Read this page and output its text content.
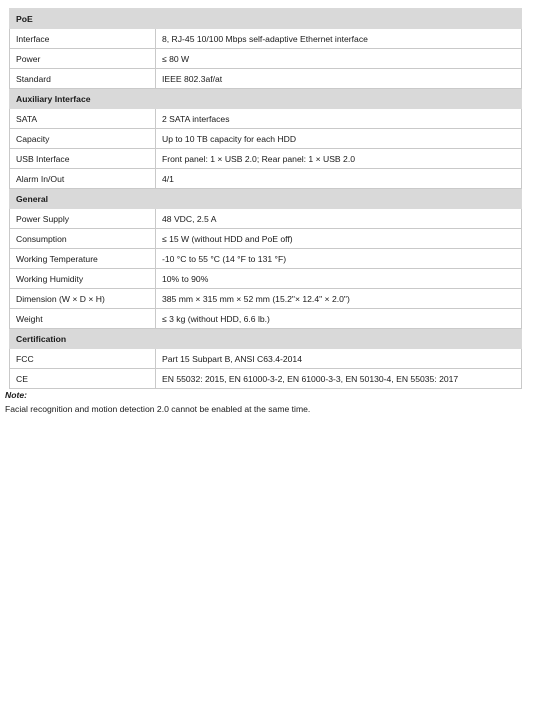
PoE	
Interface	8, RJ-45 10/100 Mbps self-adaptive Ethernet interface
Power	≤ 80 W
Standard	IEEE 802.3af/at
Auxiliary Interface	
SATA	2 SATA interfaces
Capacity	Up to 10 TB capacity for each HDD
USB Interface	Front panel: 1 × USB 2.0; Rear panel: 1 × USB 2.0
Alarm In/Out	4/1
General	
Power Supply	48 VDC, 2.5 A
Consumption	≤ 15 W (without HDD and PoE off)
Working Temperature	-10 °C to 55 °C (14 °F to 131 °F)
Working Humidity	10% to 90%
Dimension (W × D × H)	385 mm × 315 mm × 52 mm (15.2"× 12.4" × 2.0")
Weight	≤ 3 kg (without HDD, 6.6 lb.)
Certification	
FCC	Part 15 Subpart B, ANSI C63.4-2014
CE	EN 55032: 2015, EN 61000-3-2, EN 61000-3-3, EN 50130-4, EN 55035: 2017
Note:
Facial recognition and motion detection 2.0 cannot be enabled at the same time.
